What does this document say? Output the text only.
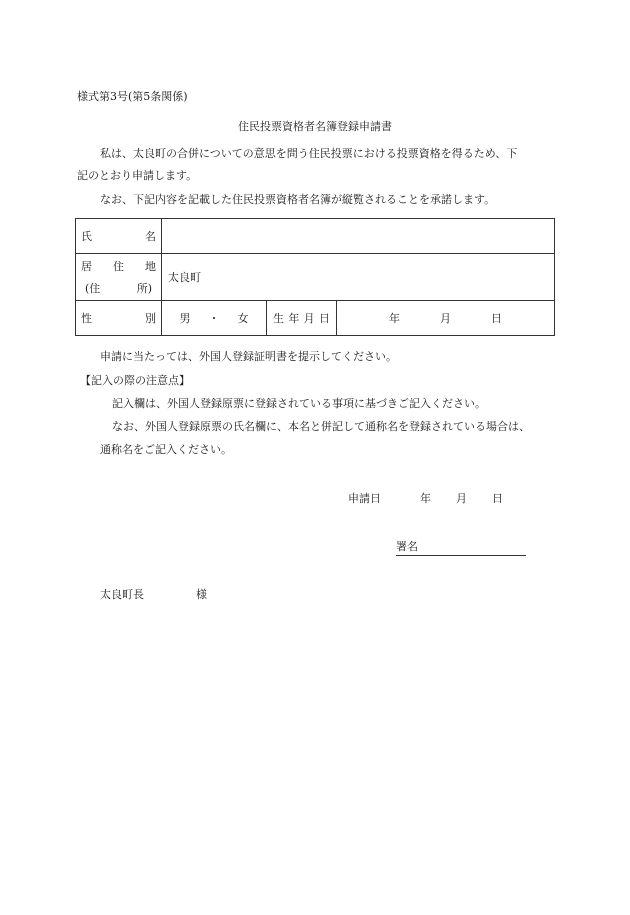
様式第3号(第5条関係)
住民投票資格者名簿登録申請書
私は、太良町の合併についての意思を問う住民投票における投票資格を得るため、下
記のとおり申請します。
なお、下記内容を記載した住民投票資格者名簿が縦覧されることを承諾します。
氏 名			

居 住 地
(住 所)	太良町		

性 別	男 ・ 女	生 年 月 日	年 月 日
申請に当たっては、外国人登録証明書を提示してください。
【記入の際の注意点】
記入欄は、外国人登録原票に登録されている事項に基づきご記入ください。
なお、外国人登録原票の氏名欄に、本名と併記して通称名を登録されている場合は、
通称名をご記入ください。
申請日	年 月 日
署名
太良町長	様
